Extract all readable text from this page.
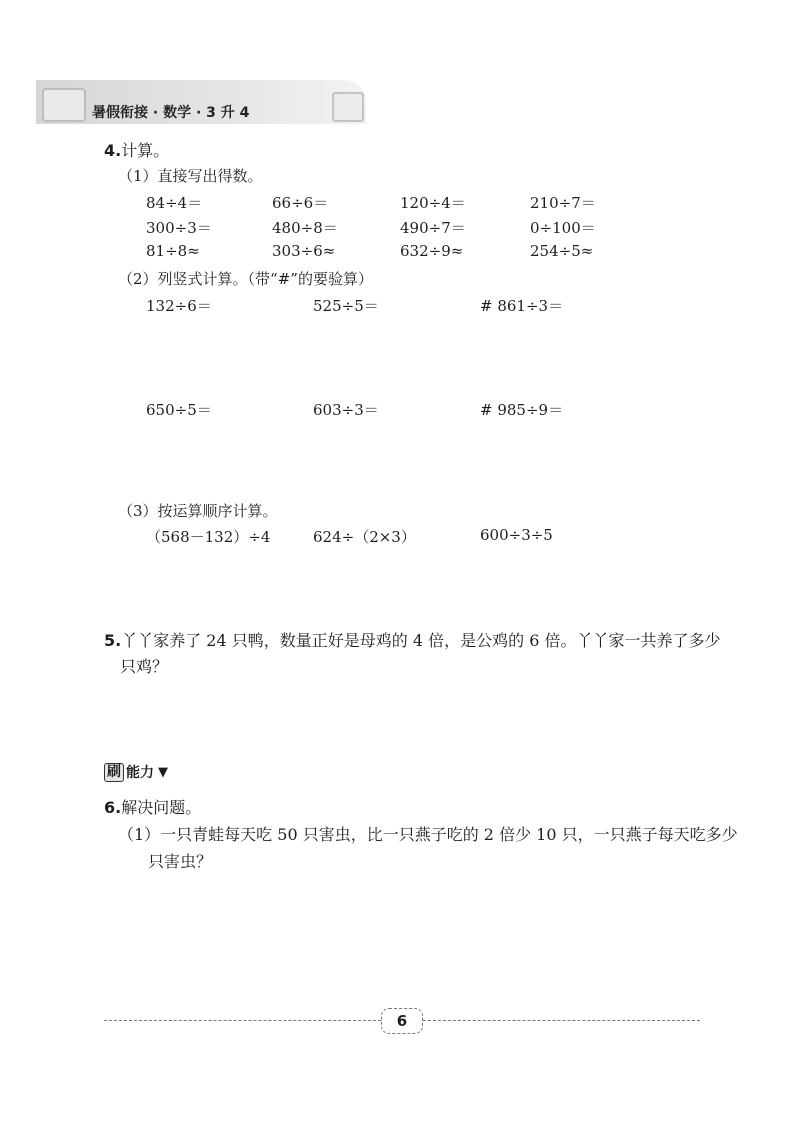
暑假衔接 · 数学 · 3 升 4
4.计算。
（1）直接写出得数。
84÷4＝	66÷6＝	120÷4＝	210÷7＝
300÷3＝	480÷8＝	490÷7＝	0÷100＝
81÷8≈	303÷6≈	632÷9≈	254÷5≈
（2）列竖式计算。（带“#”的要验算）
132÷6＝	525÷5＝	# 861÷3＝
650÷5＝	603÷3＝	# 985÷9＝
（3）按运算顺序计算。
（568－132）÷4	624÷（2×3）	600÷3÷5
5.丫丫家养了 24 只鸭，数量正好是母鸡的 4 倍，是公鸡的 6 倍。丫丫家一共养了多少
只鸡？
刷 能力 ▼
6.解决问题。
（1）一只青蛙每天吃 50 只害虫，比一只燕子吃的 2 倍少 10 只，一只燕子每天吃多少
只害虫？
6
